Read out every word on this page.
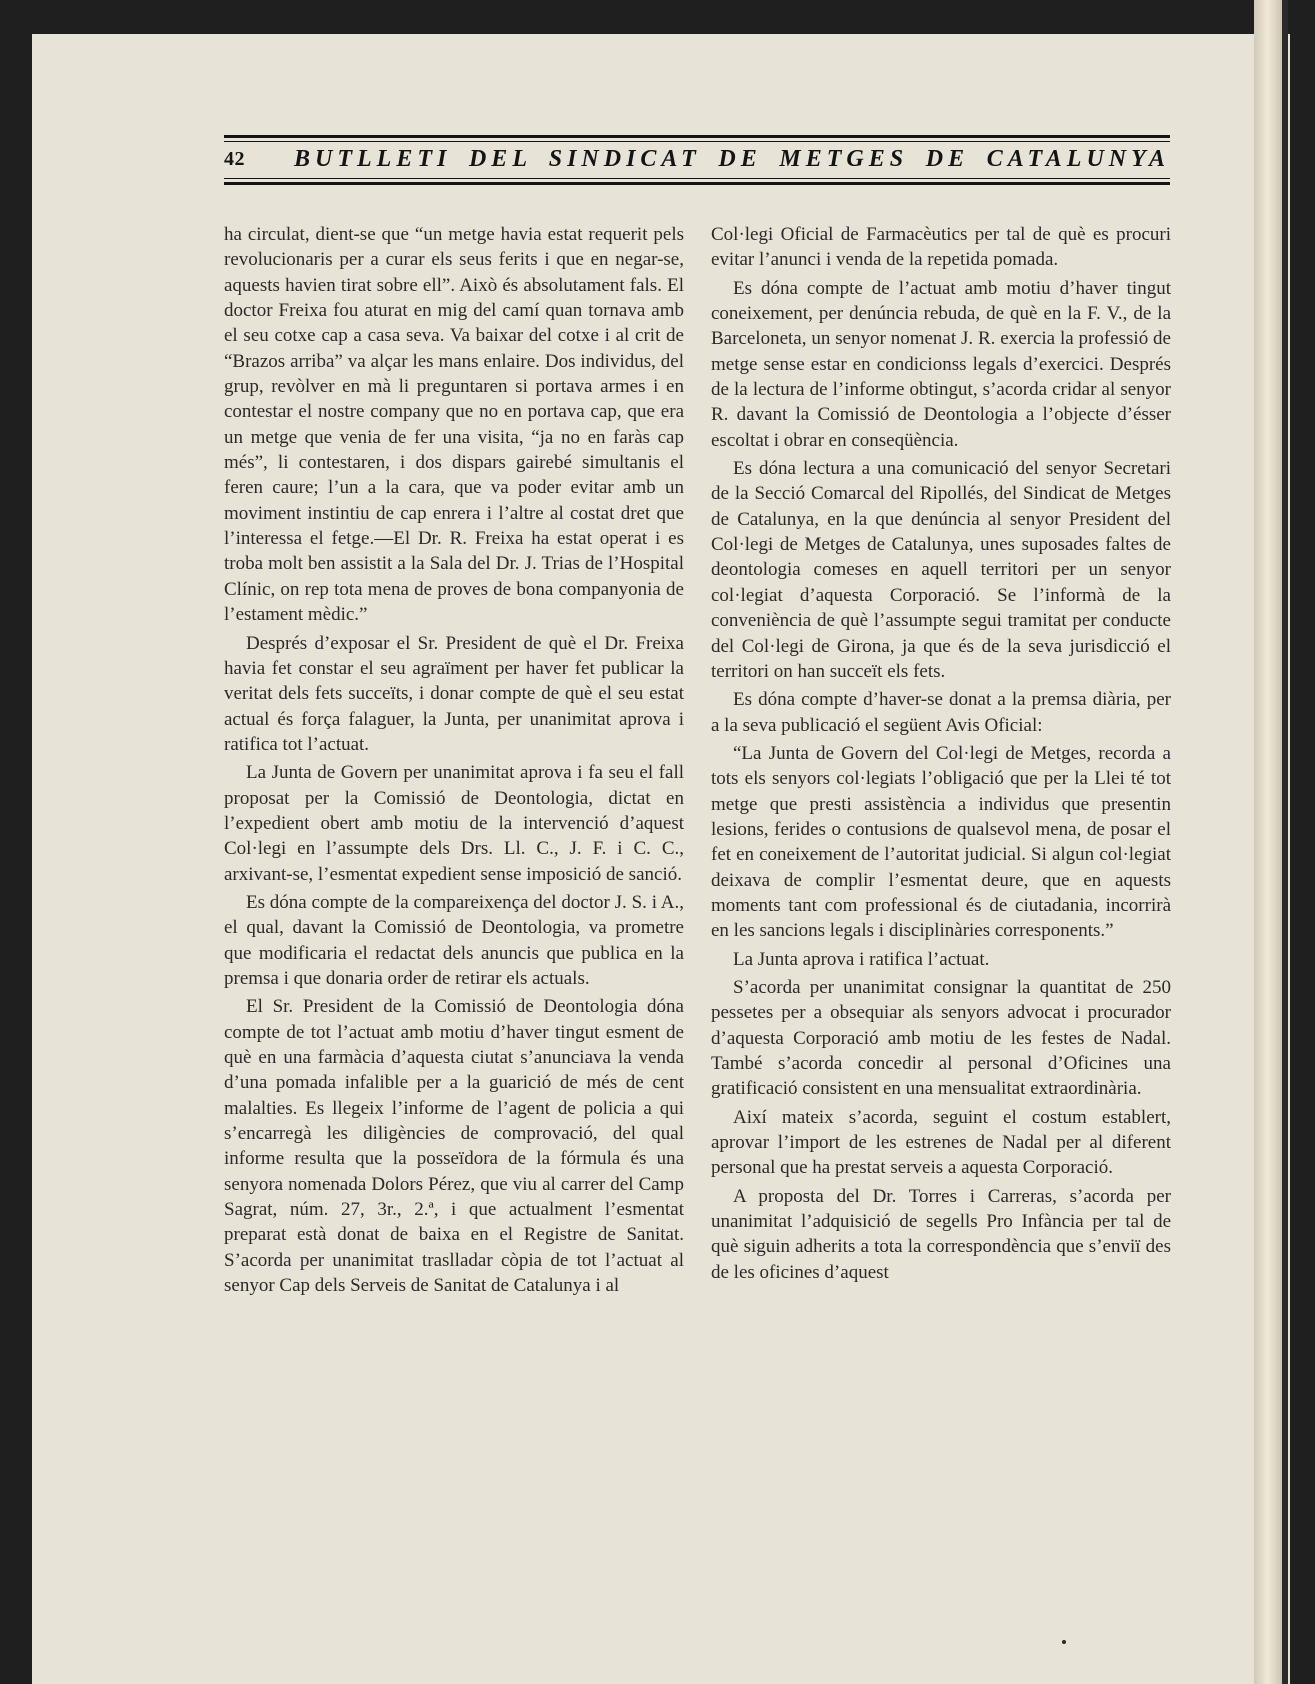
42 BUTLLETI DEL SINDICAT DE METGES DE CATALUNYA

ha circulat, dient-se que “un metge havia estat requerit pels revolucionaris per a curar els seus ferits i que en negar-se, aquests havien tirat sobre ell”. Això és absolutament fals. El doctor Freixa fou aturat en mig del camí quan tornava amb el seu cotxe cap a casa seva. Va baixar del cotxe i al crit de “Brazos arriba” va alçar les mans enlaire. Dos individus, del grup, revòlver en mà li preguntaren si portava armes i en contestar el nostre company que no en portava cap, que era un metge que venia de fer una visita, “ja no en faràs cap més”, li contestaren, i dos dispars gairebé simultanis el feren caure; l’un a la cara, que va poder evitar amb un moviment instintiu de cap enrera i l’altre al costat dret que l’interessa el fetge.—El Dr. R. Freixa ha estat operat i es troba molt ben assistit a la Sala del Dr. J. Trias de l’Hospital Clínic, on rep tota mena de proves de bona companyonia de l’estament mèdic.”

Després d’exposar el Sr. President de què el Dr. Freixa havia fet constar el seu agraïment per haver fet publicar la veritat dels fets succeïts, i donar compte de què el seu estat actual és força falaguer, la Junta, per unanimitat aprova i ratifica tot l’actuat.

La Junta de Govern per unanimitat aprova i fa seu el fall proposat per la Comissió de Deontologia, dictat en l’expedient obert amb motiu de la intervenció d’aquest Col·legi en l’assumpte dels Drs. Ll. C., J. F. i C. C., arxivant-se, l’esmentat expedient sense imposició de sanció.

Es dóna compte de la compareixença del doctor J. S. i A., el qual, davant la Comissió de Deontologia, va prometre que modificaria el redactat dels anuncis que publica en la premsa i que donaria order de retirar els actuals.

El Sr. President de la Comissió de Deontologia dóna compte de tot l’actuat amb motiu d’haver tingut esment de què en una farmàcia d’aquesta ciutat s’anunciava la venda d’una pomada infalible per a la guarició de més de cent malalties. Es llegeix l’informe de l’agent de policia a qui s’encarregà les diligències de comprovació, del qual informe resulta que la posseïdora de la fórmula és una senyora nomenada Dolors Pérez, que viu al carrer del Camp Sagrat, núm. 27, 3r., 2.ª, i que actualment l’esmentat preparat està donat de baixa en el Registre de Sanitat. S’acorda per unanimitat traslladar còpia de tot l’actuat al senyor Cap dels Serveis de Sanitat de Catalunya i al

Col·legi Oficial de Farmacèutics per tal de què es procuri evitar l’anunci i venda de la repetida pomada.

Es dóna compte de l’actuat amb motiu d’haver tingut coneixement, per denúncia rebuda, de què en la F. V., de la Barceloneta, un senyor nomenat J. R. exercia la professió de metge sense estar en condicionss legals d’exercici. Després de la lectura de l’informe obtingut, s’acorda cridar al senyor R. davant la Comissió de Deontologia a l’objecte d’ésser escoltat i obrar en conseqüència.

Es dóna lectura a una comunicació del senyor Secretari de la Secció Comarcal del Ripollés, del Sindicat de Metges de Catalunya, en la que denúncia al senyor President del Col·legi de Metges de Catalunya, unes suposades faltes de deontologia comeses en aquell territori per un senyor col·legiat d’aquesta Corporació. Se l’informà de la conveniència de què l’assumpte segui tramitat per conducte del Col·legi de Girona, ja que és de la seva jurisdicció el territori on han succeït els fets.

Es dóna compte d’haver-se donat a la premsa diària, per a la seva publicació el següent Avis Oficial:

“La Junta de Govern del Col·legi de Metges, recorda a tots els senyors col·legiats l’obligació que per la Llei té tot metge que presti assistència a individus que presentin lesions, ferides o contusions de qualsevol mena, de posar el fet en coneixement de l’autoritat judicial. Si algun col·legiat deixava de complir l’esmentat deure, que en aquests moments tant com professional és de ciutadania, incorrirà en les sancions legals i disciplinàries corresponents.”

La Junta aprova i ratifica l’actuat.

S’acorda per unanimitat consignar la quantitat de 250 pessetes per a obsequiar als senyors advocat i procurador d’aquesta Corporació amb motiu de les festes de Nadal. També s’acorda concedir al personal d’Oficines una gratificació consistent en una mensualitat extraordinària.

Així mateix s’acorda, seguint el costum establert, aprovar l’import de les estrenes de Nadal per al diferent personal que ha prestat serveis a aquesta Corporació.

A proposta del Dr. Torres i Carreras, s’acorda per unanimitat l’adquisició de segells Pro Infància per tal de què siguin adherits a tota la correspondència que s’enviï des de les oficines d’aquest
